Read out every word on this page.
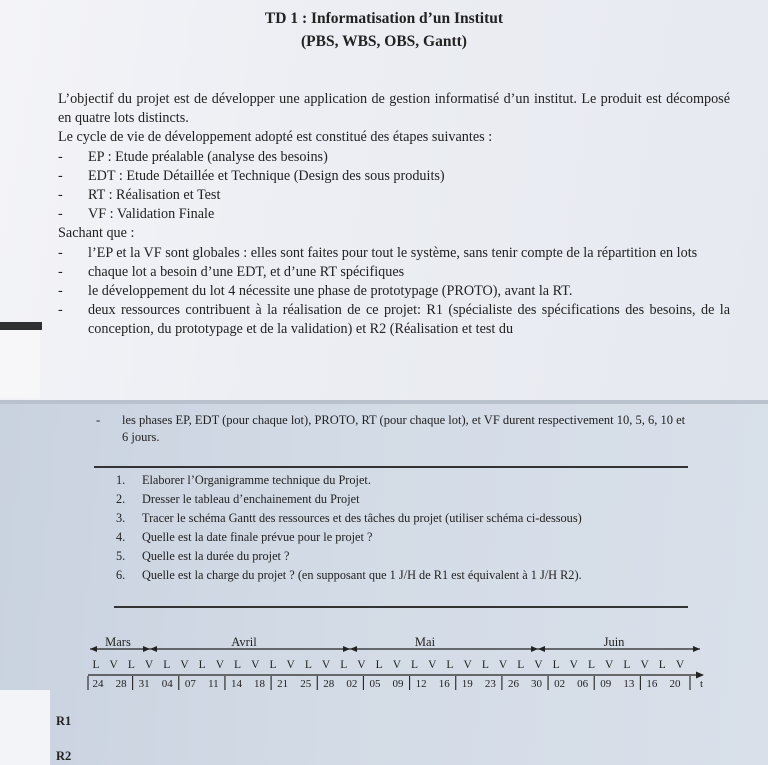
TD 1 : Informatisation d’un Institut
(PBS, WBS, OBS, Gantt)

L’objectif du projet est de développer une application de gestion informatisé d’un institut. Le produit est décomposé en quatre lots distincts.

Le cycle de vie de développement adopté est constitué des étapes suivantes :

- EP : Etude préalable (analyse des besoins)

- EDT : Etude Détaillée et Technique (Design des sous produits)

- RT : Réalisation et Test

- VF : Validation Finale

Sachant que :

- l’EP et la VF sont globales : elles sont faites pour tout le système, sans tenir compte de la répartition en lots

- chaque lot a besoin d’une EDT, et d’une RT spécifiques

- le développement du lot 4 nécessite une phase de prototypage (PROTO), avant la RT.

- deux ressources contribuent à la réalisation de ce projet: R1 (spécialiste des spécifications des besoins, de la conception, du prototypage et de la validation) et R2 (Réalisation et test du

- les phases EP, EDT (pour chaque lot), PROTO, RT (pour chaque lot), et VF durent respectivement 10, 5, 6, 10 et 6 jours.

1. Elaborer l’Organigramme technique du Projet.
2. Dresser le tableau d’enchainement du Projet
3. Tracer le schéma Gantt des ressources et des tâches du projet (utiliser schéma ci-dessous)
4. Quelle est la date finale prévue pour le projet ?
5. Quelle est la durée du projet ?
6. Quelle est la charge du projet ? (en supposant que 1 J/H de R1 est équivalent à 1 J/H R2).
Mars	Avril	Mai	Juin
L V L V L V L V L V L V L V L V L V L V L V L V L V L V L V L V L V
24 28 31 04 07 11 14 18 21 25 28 02 05 09 12 16 19 23 26 30 02 06 09 13 16 20 t
R1
R2
